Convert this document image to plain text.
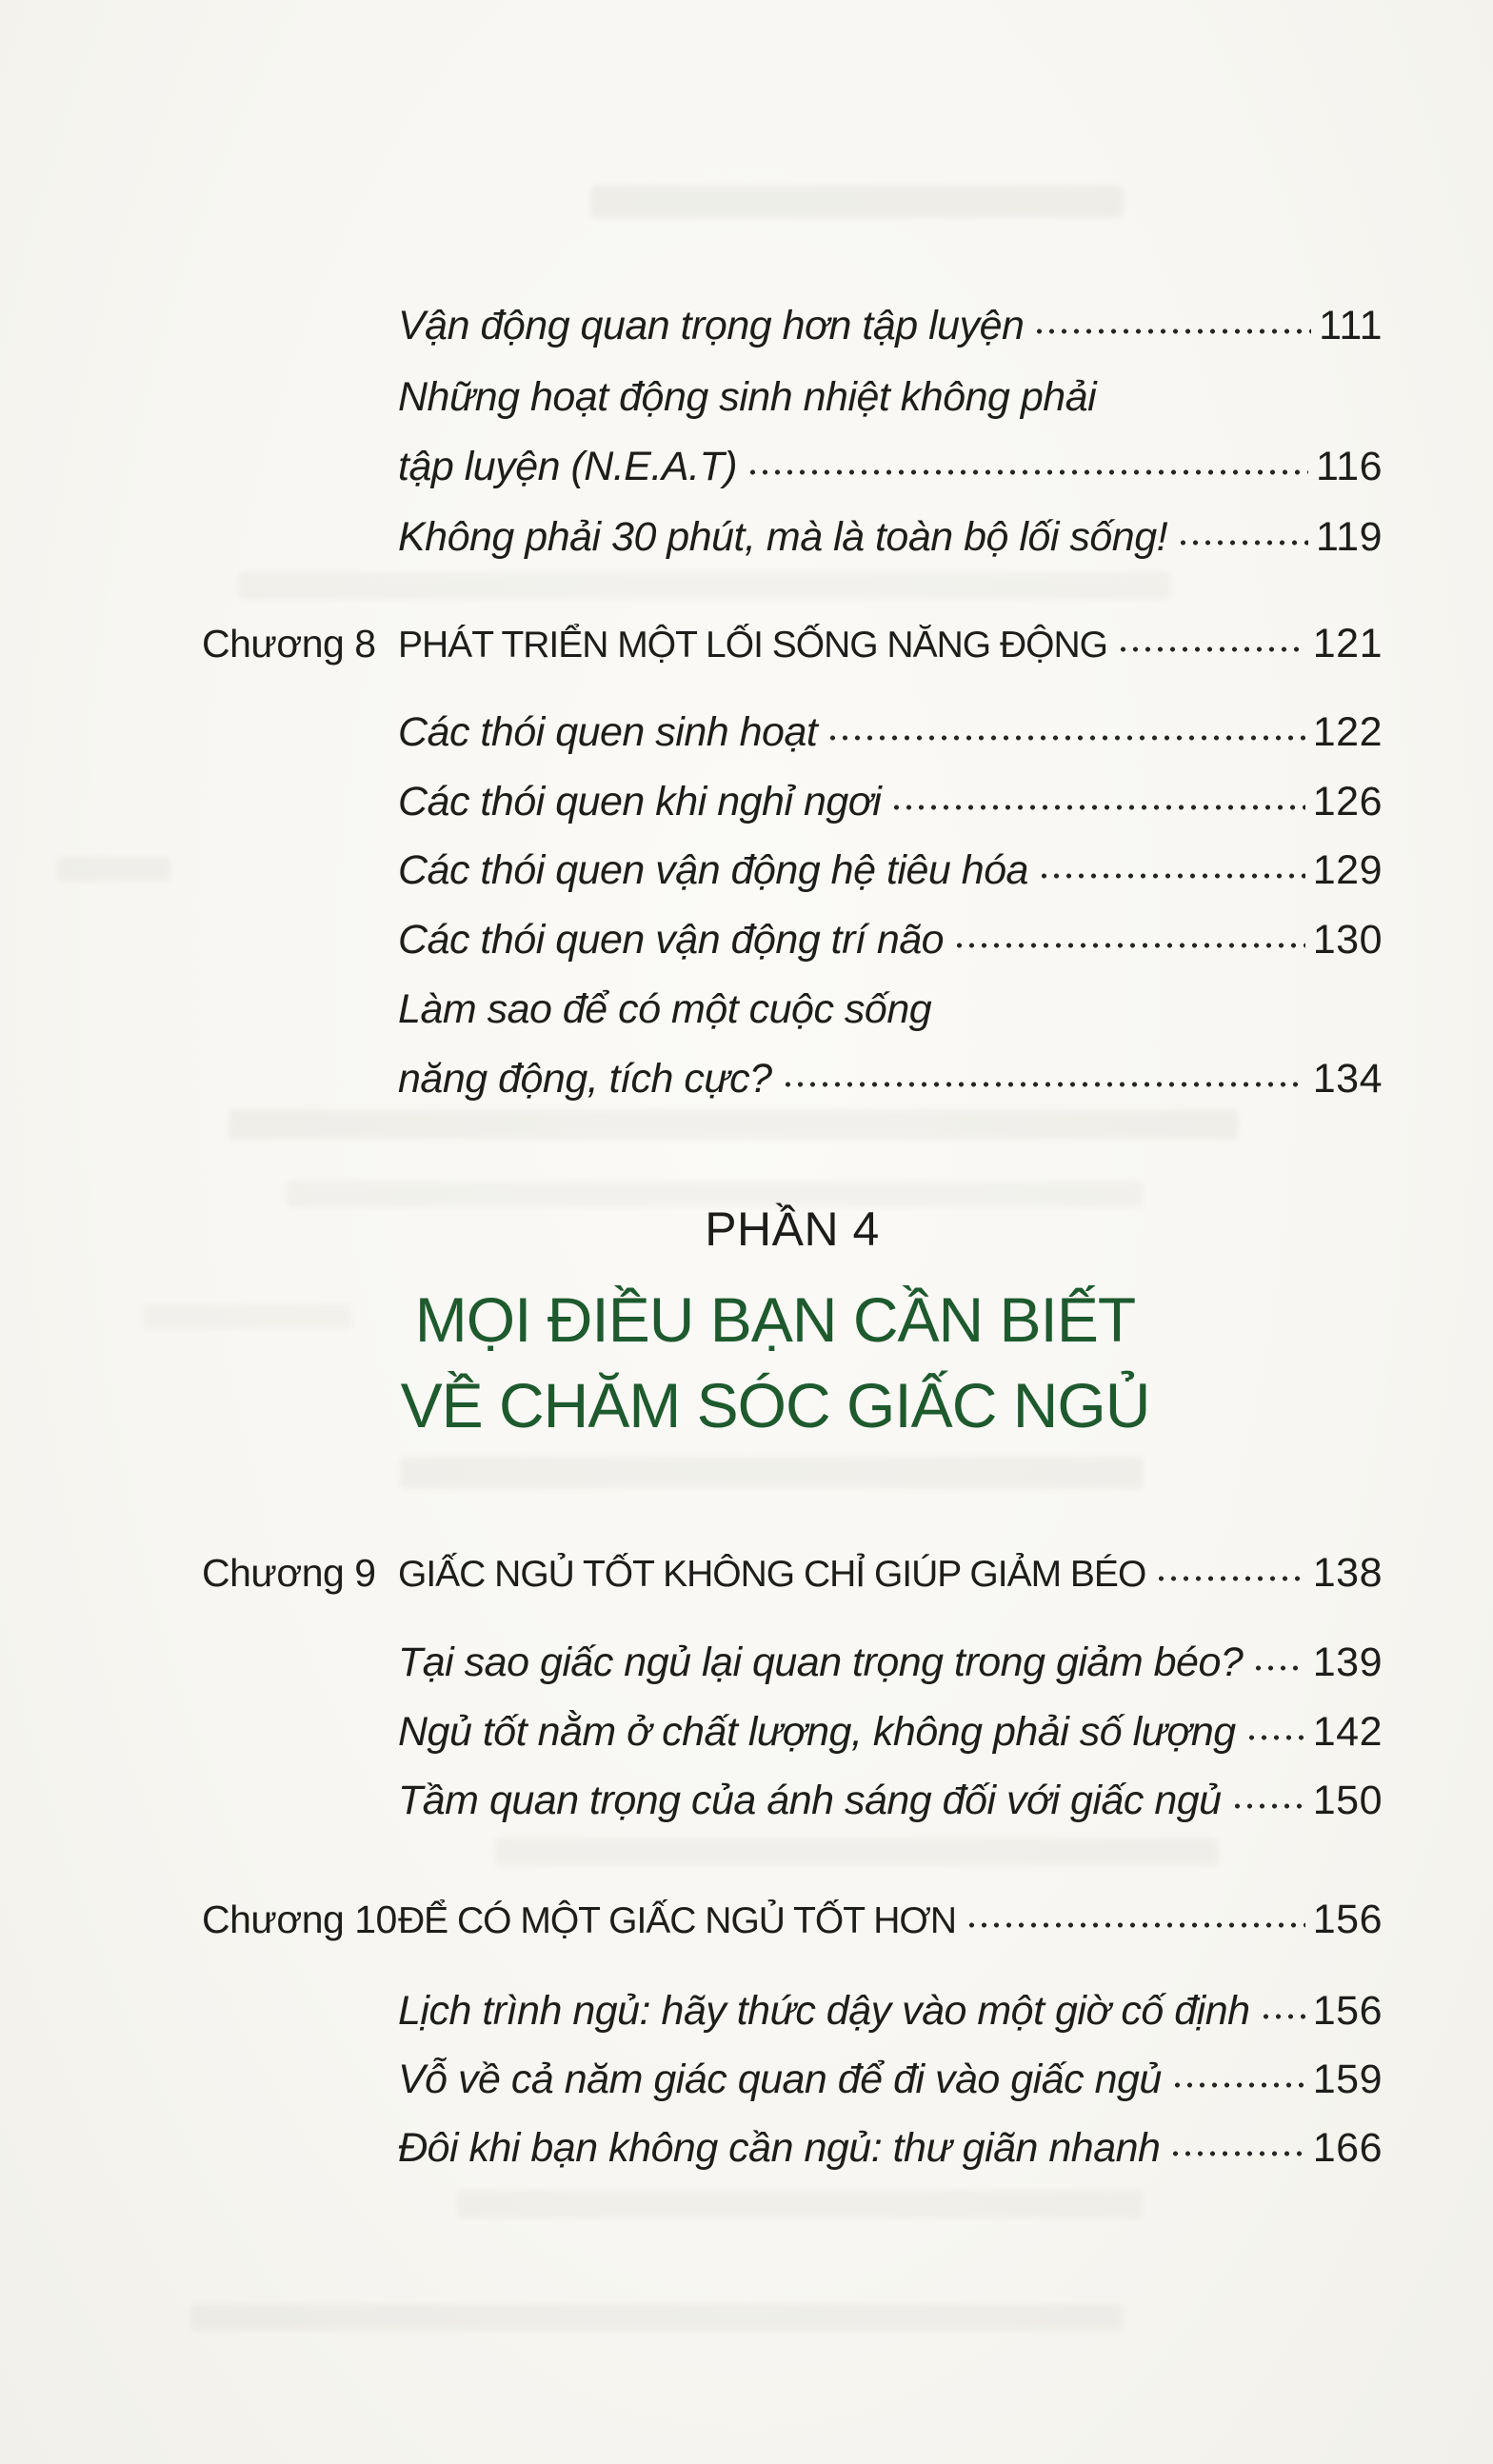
Vận động quan trọng hơn tập luyện	111
Những hoạt động sinh nhiệt không phải
tập luyện (N.E.A.T)	116
Không phải 30 phút, mà là toàn bộ lối sống!	119
Chương 8 PHÁT TRIỂN MỘT LỐI SỐNG NĂNG ĐỘNG	121
Các thói quen sinh hoạt	122
Các thói quen khi nghỉ ngơi	126
Các thói quen vận động hệ tiêu hóa	129
Các thói quen vận động trí não	130
Làm sao để có một cuộc sống
năng động, tích cực?	134
PHẦN 4
MỌI ĐIỀU BẠN CẦN BIẾT
VỀ CHĂM SÓC GIẤC NGỦ
Chương 9 GIẤC NGỦ TỐT KHÔNG CHỈ GIÚP GIẢM BÉO	138
Tại sao giấc ngủ lại quan trọng trong giảm béo? 139
Ngủ tốt nằm ở chất lượng, không phải số lượng 142
Tầm quan trọng của ánh sáng đối với giấc ngủ 150
Chương 10 ĐỂ CÓ MỘT GIẤC NGỦ TỐT HƠN	156
Lịch trình ngủ: hãy thức dậy vào một giờ cố định 156
Vỗ về cả năm giác quan để đi vào giấc ngủ	159
Đôi khi bạn không cần ngủ: thư giãn nhanh	166
